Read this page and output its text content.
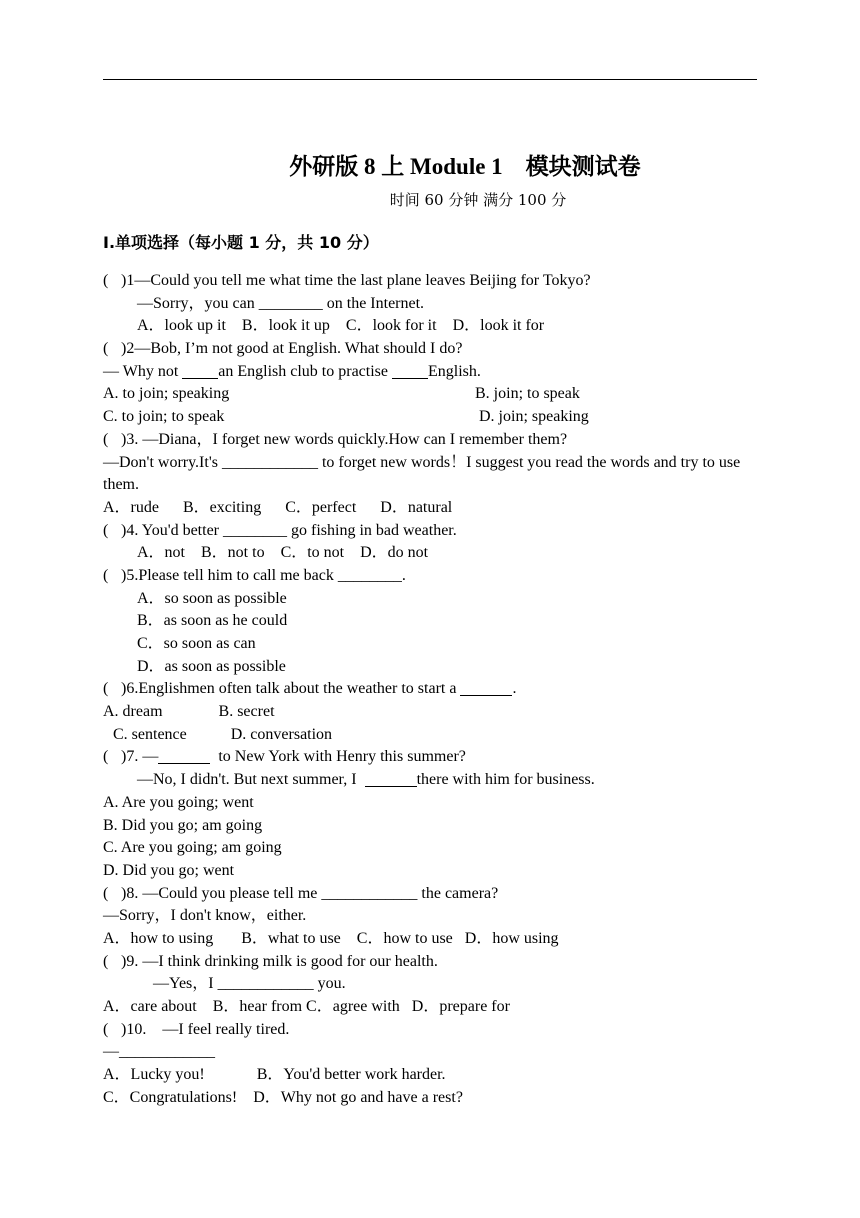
外研版 8 上 Module 1　模块测试卷
时间 60 分钟 满分 100 分
I.单项选择（每小题 1 分，共 10 分）
( )1—Could you tell me what time the last plane leaves Beijing for Tokyo?
—Sorry，you can ________ on the Internet.
A．look up it    B．look it up    C．look for it    D．look it for
( )2—Bob, I’m not good at English. What should I do?
— Why not an English club to practise English.
A. to join; speaking	B. join; to speak
C. to join; to speak	D. join; speaking
( )3. —Diana，I forget new words quickly.How can I remember them?
—Don't worry.It's ____________ to forget new words！I suggest you read the words and try to use them.
A．rude      B．exciting      C．perfect      D．natural
( )4. You'd better ________ go fishing in bad weather.
A．not    B．not to    C．to not    D．do not
( )5.Please tell him to call me back ________.
A．so soon as possible
B．as soon as he could
C．so soon as can
D．as soon as possible
( )6.Englishmen often talk about the weather to start a	.
A. dream              B. secret
C. sentence           D. conversation
( )7. —	to New York with Henry this summer?
—No, I didn't. But next summer, I	there with him for business.
A. Are you going; went
B. Did you go; am going
C. Are you going; am going
D. Did you go; went
( )8. —Could you please tell me ____________ the camera?
—Sorry，I don't know，either.
A．how to using       B．what to use    C．how to use   D．how using
( )9. —I think drinking milk is good for our health.
—Yes，I ____________ you.
A．care about    B．hear from C．agree with   D．prepare for
( )10.    —I feel really tired.
—____________
A．Lucky you!             B．You'd better work harder.
C．Congratulations!    D．Why not go and have a rest?
